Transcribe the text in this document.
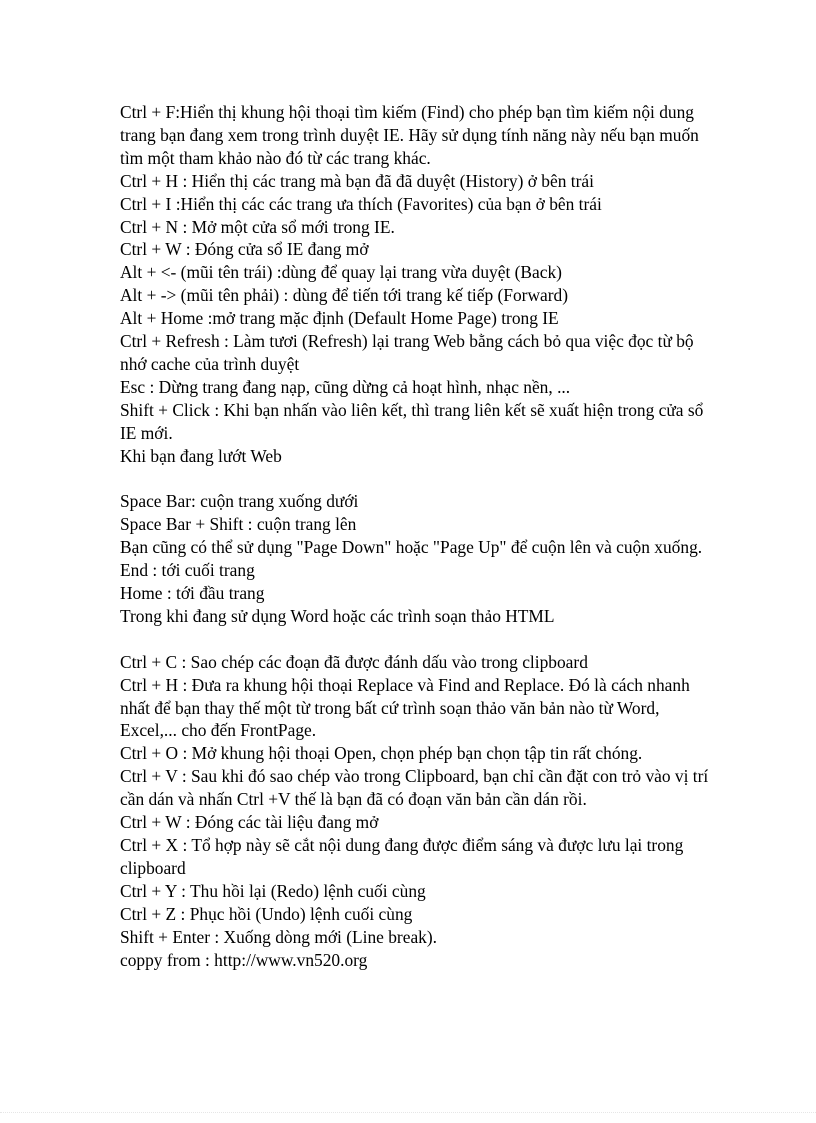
Ctrl + F:Hiển thị khung hội thoại tìm kiếm (Find) cho phép bạn tìm kiếm nội dung trang bạn đang xem trong trình duyệt IE. Hãy sử dụng tính năng này nếu bạn muốn tìm một tham khảo nào đó từ các trang khác.

Ctrl + H : Hiển thị các trang mà bạn đã đã duyệt (History) ở bên trái

Ctrl + I :Hiển thị các các trang ưa thích (Favorites) của bạn ở bên trái

Ctrl + N : Mở một cửa sổ mới trong IE.

Ctrl + W : Đóng cửa sổ IE đang mở

Alt + <- (mũi tên trái) :dùng để quay lại trang vừa duyệt (Back)

Alt + -> (mũi tên phải) : dùng để tiến tới trang kế tiếp (Forward)

Alt + Home :mở trang mặc định (Default Home Page) trong IE

Ctrl + Refresh : Làm tươi (Refresh) lại trang Web bằng cách bỏ qua việc đọc từ bộ nhớ cache của trình duyệt

Esc : Dừng trang đang nạp, cũng dừng cả hoạt hình, nhạc nền, ...

Shift + Click : Khi bạn nhấn vào liên kết, thì trang liên kết sẽ xuất hiện trong cửa sổ IE mới.

Khi bạn đang lướt Web

Space Bar: cuộn trang xuống dưới

Space Bar + Shift : cuộn trang lên

Bạn cũng có thể sử dụng "Page Down" hoặc "Page Up" để cuộn lên và cuộn xuống.

End : tới cuối trang

Home : tới đầu trang

Trong khi đang sử dụng Word hoặc các trình soạn thảo HTML

Ctrl + C : Sao chép các đoạn đã được đánh dấu vào trong clipboard

Ctrl + H : Đưa ra khung hội thoại Replace và Find and Replace. Đó là cách nhanh nhất để bạn thay thế một từ trong bất cứ trình soạn thảo văn bản nào từ Word, Excel,... cho đến FrontPage.

Ctrl + O : Mở khung hội thoại Open, chọn phép bạn chọn tập tin rất chóng.

Ctrl + V : Sau khi đó sao chép vào trong Clipboard, bạn chỉ cần đặt con trỏ vào vị trí cần dán và nhấn Ctrl +V thế là bạn đã có đoạn văn bản cần dán rồi.

Ctrl + W : Đóng các tài liệu đang mở

Ctrl + X : Tổ hợp này sẽ cắt nội dung đang được điểm sáng và được lưu lại trong clipboard

Ctrl + Y : Thu hồi lại (Redo) lệnh cuối cùng

Ctrl + Z : Phục hồi (Undo) lệnh cuối cùng

Shift + Enter : Xuống dòng mới (Line break).

coppy from : http://www.vn520.org
